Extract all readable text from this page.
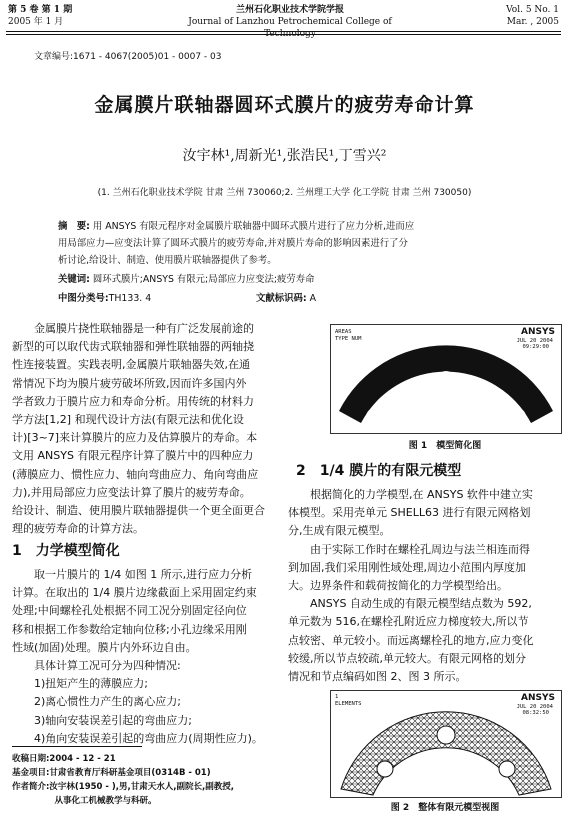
第 5 卷 第 1 期
2005 年 1 月
兰州石化职业技术学院学报
Journal of Lanzhou Petrochemical College of Technology
Vol. 5 No. 1
Mar. , 2005
文章编号:1671 - 4067(2005)01 - 0007 - 03
金属膜片联轴器圆环式膜片的疲劳寿命计算
汝宇林¹,周新光¹,张浩民¹,丁雪兴²
(1. 兰州石化职业技术学院 甘肃 兰州 730060;2. 兰州理工大学 化工学院 甘肃 兰州 730050)
摘　要: 用 ANSYS 有限元程序对金属膜片联轴器中圆环式膜片进行了应力分析,进而应
用局部应力—应变法计算了圆环式膜片的疲劳寿命,并对膜片寿命的影响因素进行了分
析讨论,给设计、制造、使用膜片联轴器提供了参考。
关键词: 圆环式膜片;ANSYS 有限元;局部应力应变法;疲劳寿命
中图分类号:TH133. 4	文献标识码: A
　　金属膜片挠性联轴器是一种有广泛发展前途的
新型的可以取代齿式联轴器和弹性联轴器的两轴挠
性连接装置。实践表明,金属膜片联轴器失效,在通
常情况下均为膜片疲劳破坏所致,因而许多国内外
学者致力于膜片应力和寿命分析。用传统的材料力
学方法[1,2] 和现代设计方法(有限元法和优化设
计)[3~7]来计算膜片的应力及估算膜片的寿命。本
文用 ANSYS 有限元程序计算了膜片中的四种应力
(薄膜应力、惯性应力、轴向弯曲应力、角向弯曲应
力),并用局部应力应变法计算了膜片的疲劳寿命。
给设计、制造、使用膜片联轴器提供一个更全面更合
理的疲劳寿命的计算方法。
1　力学模型简化
　　取一片膜片的 1/4 如图 1 所示,进行应力分析
计算。在取出的 1/4 膜片边缘截面上采用固定约束
处理;中间螺栓孔处根据不同工况分别固定径向位
移和根据工作参数给定轴向位移;小孔边缘采用刚
性域(加固)处理。膜片内外环边自由。
　　具体计算工况可分为四种情况:
　　1)扭矩产生的薄膜应力;
　　2)离心惯性力产生的离心应力;
　　3)轴向安装误差引起的弯曲应力;
　　4)角向安装误差引起的弯曲应力(周期性应力)。
收稿日期:2004 - 12 - 21
基金项目:甘肃省教育厅科研基金项目(0314B - 01)
作者简介:汝宇林(1950 - ),男,甘肃天水人,副院长,副教授,
　　　　　从事化工机械教学与科研。
AREAS
TYPE NUM
ANSYS
JUL 20 2004
09:29:00
图 1　模型简化图
2　1/4 膜片的有限元模型
　　根据简化的力学模型,在 ANSYS 软件中建立实
体模型。采用壳单元 SHELL63 进行有限元网格划
分,生成有限元模型。
　　由于实际工作时在螺栓孔周边与法兰相连而得
到加固,我们采用刚性域处理,周边小范围内厚度加
大。边界条件和载荷按简化的力学模型给出。
　　ANSYS 自动生成的有限元模型结点数为 592,
单元数为 516,在螺栓孔附近应力梯度较大,所以节
点较密、单元较小。而远离螺栓孔的地方,应力变化
较缓,所以节点较疏,单元较大。有限元网格的划分
情况和节点编码如图 2、图 3 所示。
1
ELEMENTS
ANSYS
JUL 20 2004
08:32:50
图 2　整体有限元模型视图
